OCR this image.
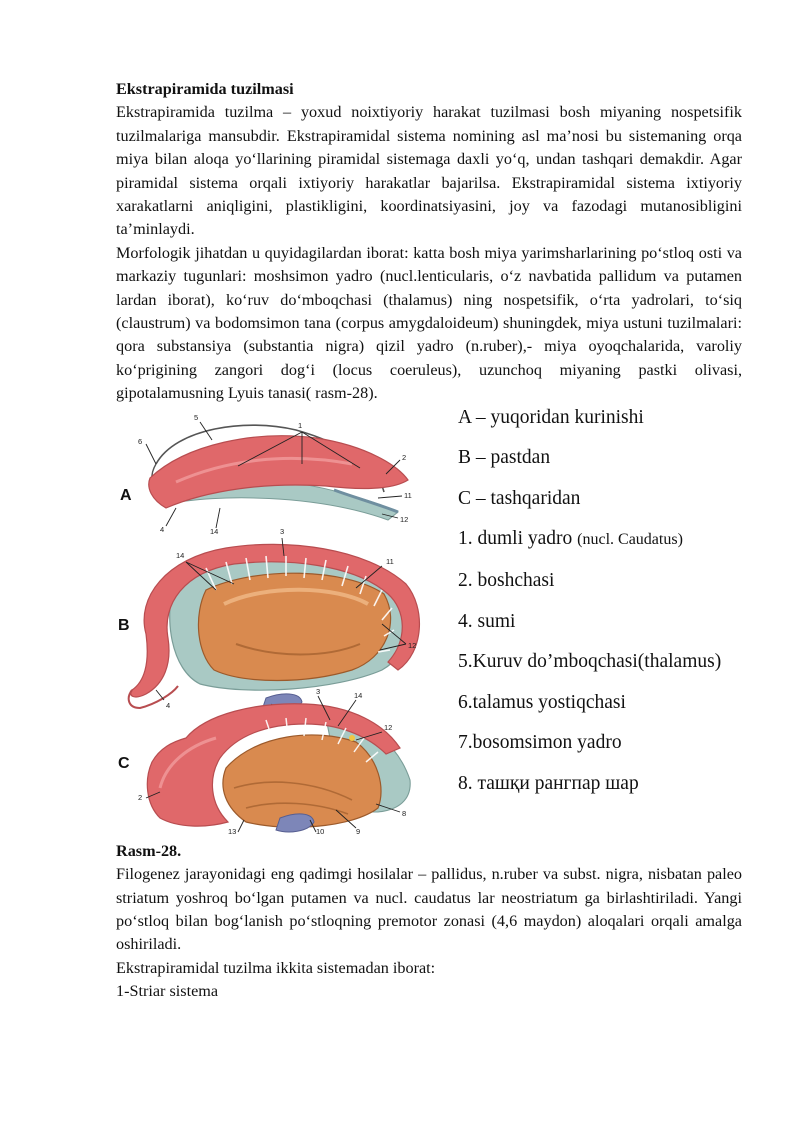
Ekstrapiramida tuzilmasi

Ekstrapiramida tuzilma – yoxud noixtiyoriy harakat tuzilmasi bosh miyaning nospetsifik tuzilmalariga mansubdir. Ekstrapiramidal sistema nomining asl ma’nosi bu sistemaning orqa miya bilan aloqa yo‘llarining piramidal sistemaga daxli yo‘q, undan tashqari demakdir. Agar piramidal sistema orqali ixtiyoriy harakatlar bajarilsa. Ekstrapiramidal sistema ixtiyoriy xarakatlarni aniqligini, plastikligini, koordinatsiyasini, joy va fazodagi mutanosibligini ta’minlaydi.

Morfologik jihatdan u quyidagilardan iborat: katta bosh miya yarimsharlarining po‘stloq osti va markaziy tugunlari: moshsimon yadro (nucl.lenticularis, o‘z navbatida pallidum va putamen lardan iborat), ko‘ruv do‘mboqchasi (thalamus) ning nospetsifik, o‘rta yadrolari, to‘siq (claustrum) va bodomsimon tana (corpus amygdaloideum) shuningdek, miya ustuni tuzilmalari: qora substansiya (substantia nigra) qizil yadro (n.ruber),- miya oyoqchalarida, varoliy ko‘prigining zangori dog‘i (locus coeruleus), uzunchoq miyaning pastki olivasi, gipotalamusning Lyuis tanasi( rasm-28).

1
2
4
5
6
11
12
14
A
3
4
11
12
14
B
2
3
8
9
10
12
13
14
C
A – yuqoridan kurinishi
B – pastdan
C – tashqaridan
1. dumli yadro (nucl. Caudatus)
2. boshchasi
4. sumi
5.Kuruv do’mboqchasi(thalamus)
6.talamus yostiqchasi
7.bosomsimon yadro
8. ташқи рангпар шар

Rasm-28.

Filogenez jarayonidagi eng qadimgi hosilalar – pallidus, n.ruber va subst. nigra, nisbatan paleo striatum yoshroq bo‘lgan putamen va nucl. caudatus lar neostriatum ga birlashtiriladi. Yangi po‘stloq bilan bog‘lanish po‘stloqning premotor zonasi (4,6 maydon) aloqalari orqali amalga oshiriladi.

Ekstrapiramidal tuzilma ikkita sistemadan iborat:

1-Striar sistema
